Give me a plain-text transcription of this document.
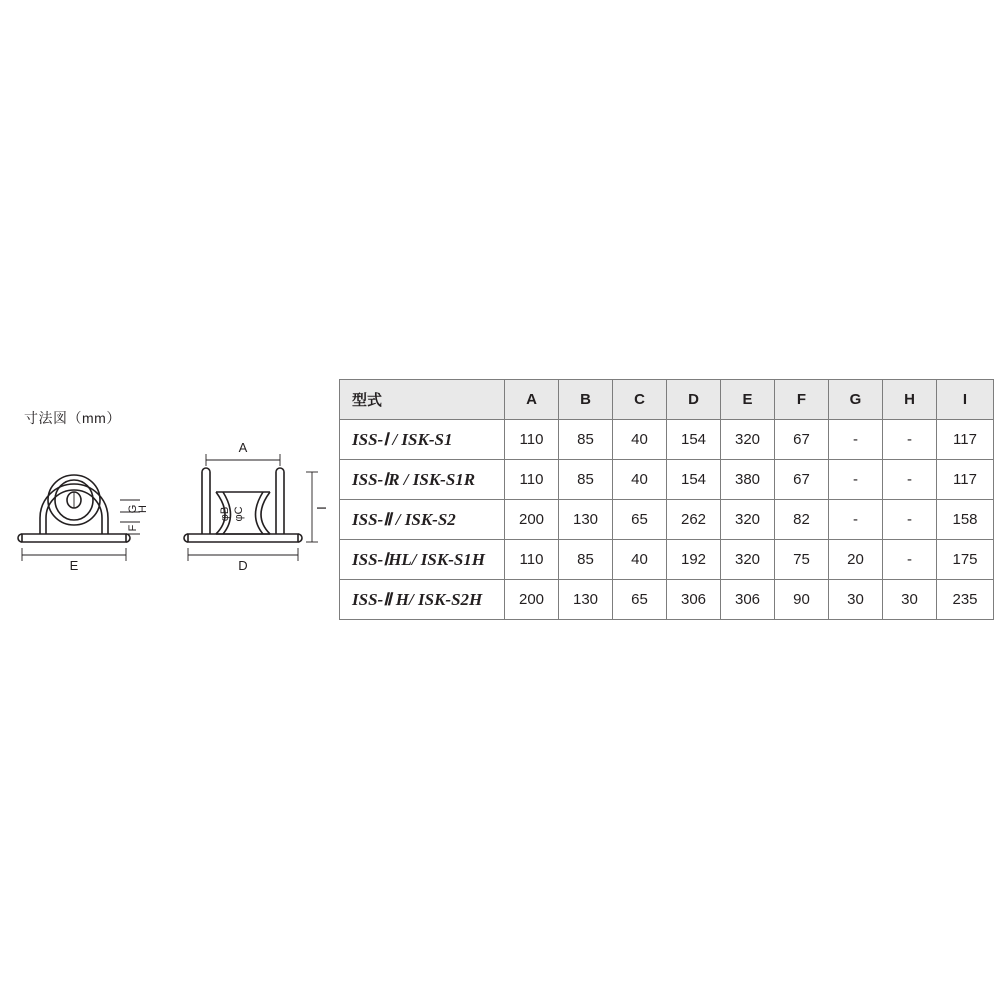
寸法図（mm）
E
G
H
F
A
D
I
φB φC
型式	A	B	C	D	E	F	G	H	I
ISS-Ⅰ / ISK-S1	110	85	40	154	320	67	-	-	117
ISS-ⅠR / ISK-S1R	110	85	40	154	380	67	-	-	117
ISS-Ⅱ / ISK-S2	200	130	65	262	320	82	-	-	158
ISS-ⅠHL/ ISK-S1H	110	85	40	192	320	75	20	-	175
ISS-Ⅱ H/ ISK-S2H	200	130	65	306	306	90	30	30	235
